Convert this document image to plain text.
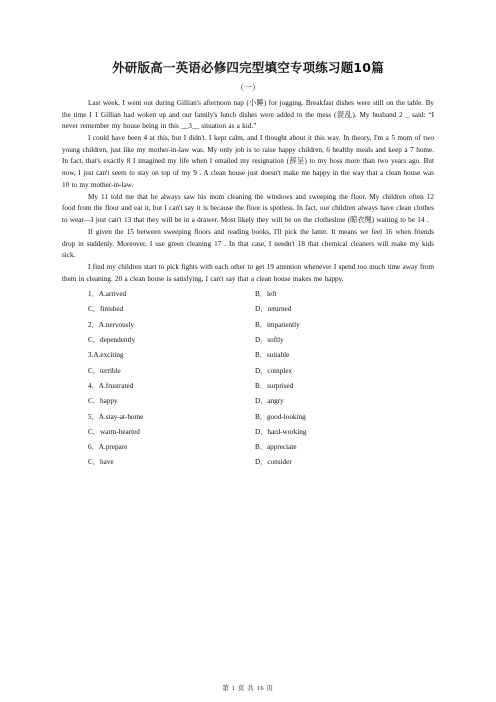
外研版高一英语必修四完型填空专项练习题10篇
（一）

Last week, I went out during Gillian's afternoon nap (小睡) for jogging. Breakfast dishes were still on the table. By the time I 1 Gillian had woken up and our family's lunch dishes were added to the mess (混乱). My husband 2 _ said: “I never remember my house being in this __3__ situation as a kid.”

I could have been 4 at this, but I didn't. I kept calm, and I thought about it this way. In theory, I'm a 5 mom of two young children, just like my mother-in-law was. My only job is to raise happy children, 6 healthy meals and keep a 7 home. In fact, that's exactly 8 I imagined my life when I emailed my resignation (辞呈) to my boss more than two years ago. But now, I just can't seem to stay on top of my 9 . A clean house just doesn't make me happy in the way that a clean house was 10 to my mother-in-law.

My 11 told me that he always saw his mom cleaning the windows and sweeping the floor. My children often 12 food from the floor and eat it, but I can't say it is because the floor is spotless. In fact, our children always have clean clothes to wear—I just can't 13 that they will be in a drawer. Most likely they will be on the clothesline (晾衣绳) waiting to be 14 .

If given the 15 between sweeping floors and reading books, I'll pick the latter. It means we feel 16 when friends drop in suddenly. Moreover, I use green cleaning 17 . In that case, I needn't 18 that chemical cleaners will make my kids sick.

I find my children start to pick fights with each other to get 19 attention whenever I spend too much time away from them in cleaning. 20 a clean house is satisfying, I can't say that a clean house makes me happy.

1．A.arrived	B．left
C．finished	D．returned
2．A.nervously	B．impatiently
C．dependently	D．softly
3.A.exciting	B．suitable
C．terrible	D．complex
4．A.frustrated	B．surprised
C．happy	D．angry
5．A.stay-at-home	B．good-looking
C．warm-hearted	D．hard-working
6．A.prepare	B．appreciate
C．have	D．consider
第 1 页 共 16 页
